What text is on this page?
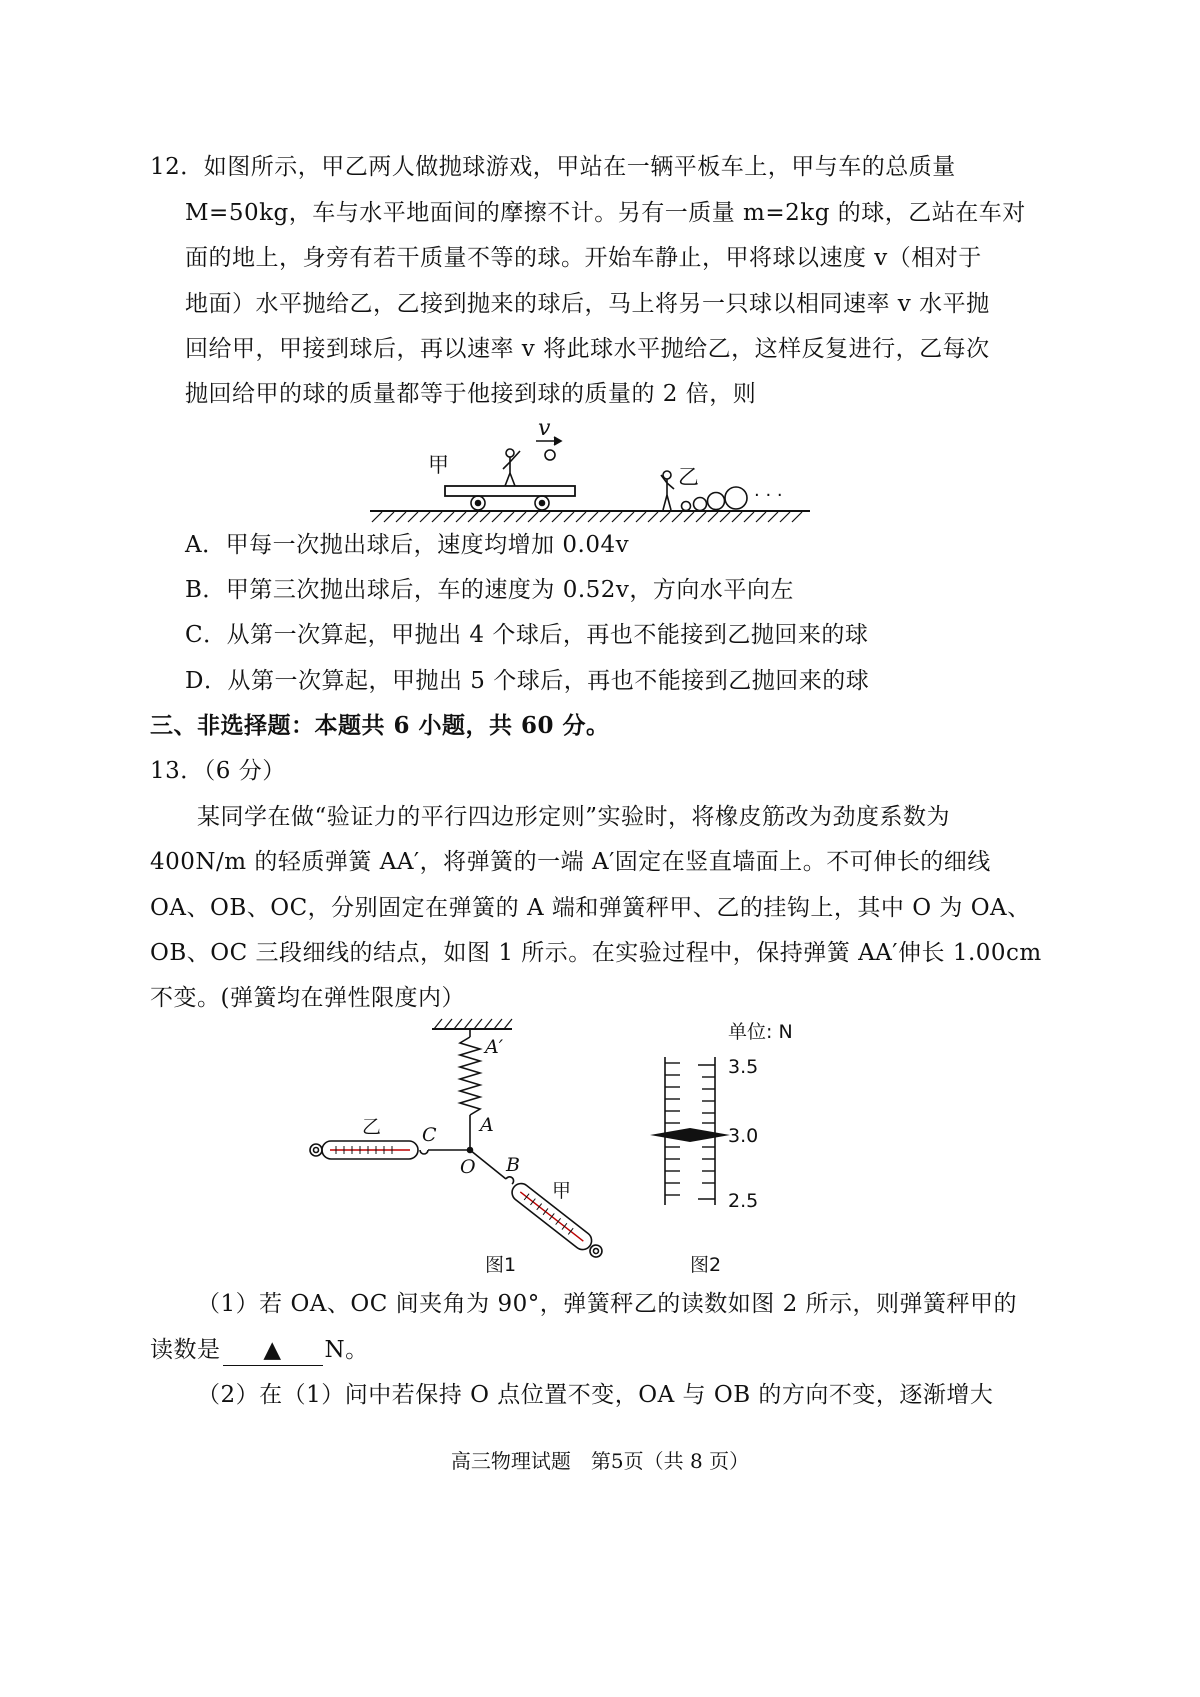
12．如图所示，甲乙两人做抛球游戏，甲站在一辆平板车上，甲与车的总质量
M=50kg，车与水平地面间的摩擦不计。另有一质量 m=2kg 的球，乙站在车对
面的地上，身旁有若干质量不等的球。开始车静止，甲将球以速度 v（相对于
地面）水平抛给乙，乙接到抛来的球后，马上将另一只球以相同速率 v 水平抛
回给甲，甲接到球后，再以速率 v 将此球水平抛给乙，这样反复进行，乙每次
抛回给甲的球的质量都等于他接到球的质量的 2 倍，则
甲	乙
v
· · ·
A．甲每一次抛出球后，速度均增加 0.04v
B．甲第三次抛出球后，车的速度为 0.52v，方向水平向左
C．从第一次算起，甲抛出 4 个球后，再也不能接到乙抛回来的球
D．从第一次算起，甲抛出 5 个球后，再也不能接到乙抛回来的球
三、非选择题：本题共 6 小题，共 60 分。
13．（6 分）
某同学在做“验证力的平行四边形定则”实验时，将橡皮筋改为劲度系数为
400N/m 的轻质弹簧 AA′，将弹簧的一端 A′固定在竖直墙面上。不可伸长的细线
OA、OB、OC，分别固定在弹簧的 A 端和弹簧秤甲、乙的挂钩上，其中 O 为 OA、
OB、OC 三段细线的结点，如图 1 所示。在实验过程中，保持弹簧 AA′伸长 1.00cm
不变。(弹簧均在弹性限度内）
A′
A
C
O B
乙
甲
图1
单位: N
3.5
3.0
2.5
图2
（1）若 OA、OC 间夹角为 90°，弹簧秤乙的读数如图 2 所示，则弹簧秤甲的
读数是 ▲ N。
（2）在（1）问中若保持 O 点位置不变，OA 与 OB 的方向不变，逐渐增大
高三物理试题　第5页（共 8 页）
